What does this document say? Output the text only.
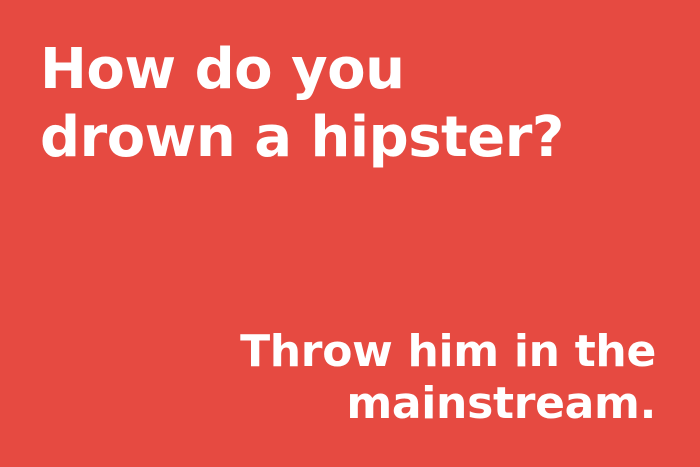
How do you
drown a hipster?
Throw him in the
mainstream.
